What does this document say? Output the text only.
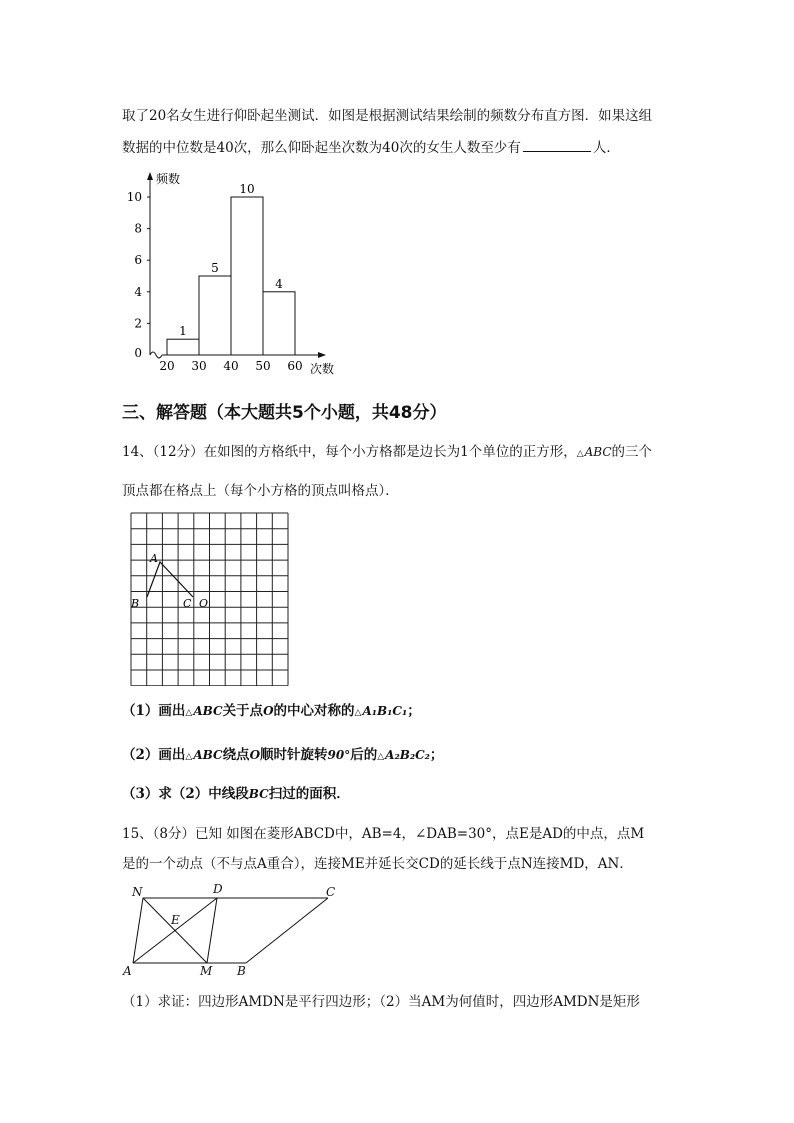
取了20名女生进行仰卧起坐测试．如图是根据测试结果绘制的频数分布直方图．如果这组
数据的中位数是40次，那么仰卧起坐次数为40次的女生人数至少有	人．
频数
次数
0
2
4
6
8
10
20 30 40 50 60
1
5
10
4
三、解答题（本大题共5个小题，共48分）
14、（12分）在如图的方格纸中，每个小方格都是边长为1个单位的正方形，△ABC的三个
顶点都在格点上（每个小方格的顶点叫格点）．
A
B	C O
（1）画出△ABC关于点O的中心对称的△A₁B₁C₁；
（2）画出△ABC绕点O顺时针旋转90°后的△A₂B₂C₂；
（3）求（2）中线段BC扫过的面积．
15、（8分）已知 如图在菱形ABCD中，AB=4，∠DAB=30°，点E是AD的中点，点M
是的一个动点（不与点A重合），连接ME并延长交CD的延长线于点N连接MD，AN．
N	D	C
E
A	M B
（1）求证：四边形AMDN是平行四边形；（2）当AM为何值时，四边形AMDN是矩形
